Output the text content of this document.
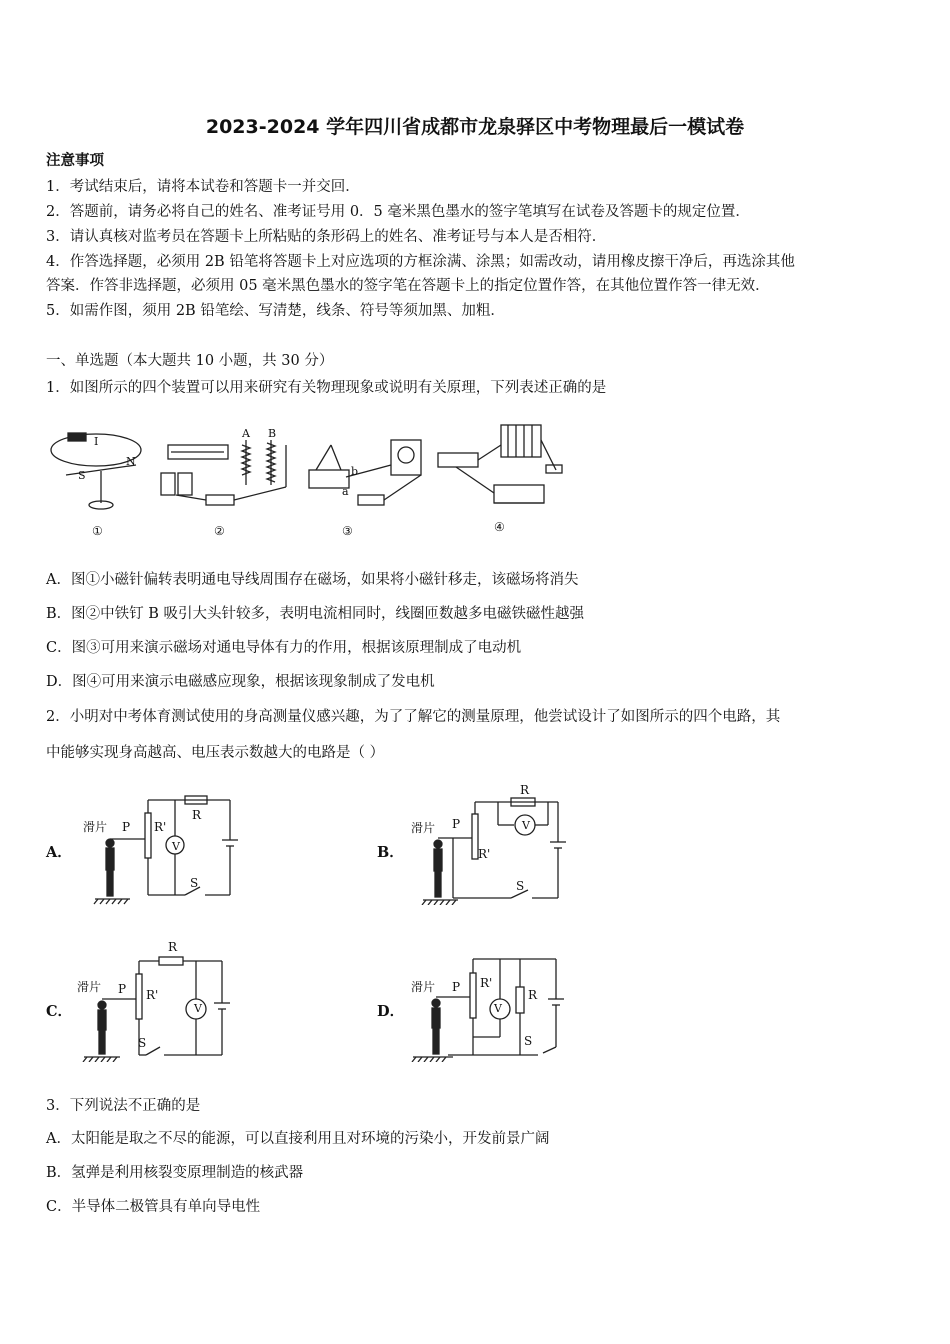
2023-2024 学年四川省成都市龙泉驿区中考物理最后一模试卷
注意事项
1．考试结束后，请将本试卷和答题卡一并交回．
2．答题前，请务必将自己的姓名、准考证号用 0．5 毫米黑色墨水的签字笔填写在试卷及答题卡的规定位置．
3．请认真核对监考员在答题卡上所粘贴的条形码上的姓名、准考证号与本人是否相符．
4．作答选择题，必须用 2B 铅笔将答题卡上对应选项的方框涂满、涂黑；如需改动，请用橡皮擦干净后，再选涂其他
答案．作答非选择题，必须用 05 毫米黑色墨水的签字笔在答题卡上的指定位置作答，在其他位置作答一律无效．
5．如需作图，须用 2B 铅笔绘、写清楚，线条、符号等须加黑、加粗．
一、单选题（本大题共 10 小题，共 30 分）
1．如图所示的四个装置可以用来研究有关物理现象或说明有关原理，下列表述正确的是
S
N
I
①
A B
②
a
b
③	④
A．图①小磁针偏转表明通电导线周围存在磁场，如果将小磁针移走，该磁场将消失
B．图②中铁钉 B 吸引大头针较多，表明电流相同时，线圈匝数越多电磁铁磁性越强
C．图③可用来演示磁场对通电导体有力的作用，根据该原理制成了电动机
D．图④可用来演示电磁感应现象，根据该现象制成了发电机
2．小明对中考体育测试使用的身高测量仪感兴趣，为了了解它的测量原理，他尝试设计了如图所示的四个电路，其
中能够实现身高越高、电压表示数越大的电路是（ ）
A．
滑片 P R'
R
V
S
B．
滑片 P
R'
R
V
S
C．
滑片 P R'
R
V
S
D．
滑片 P R'
R
V
S
3．下列说法不正确的是
A．太阳能是取之不尽的能源，可以直接利用且对环境的污染小，开发前景广阔
B．氢弹是利用核裂变原理制造的核武器
C．半导体二极管具有单向导电性
